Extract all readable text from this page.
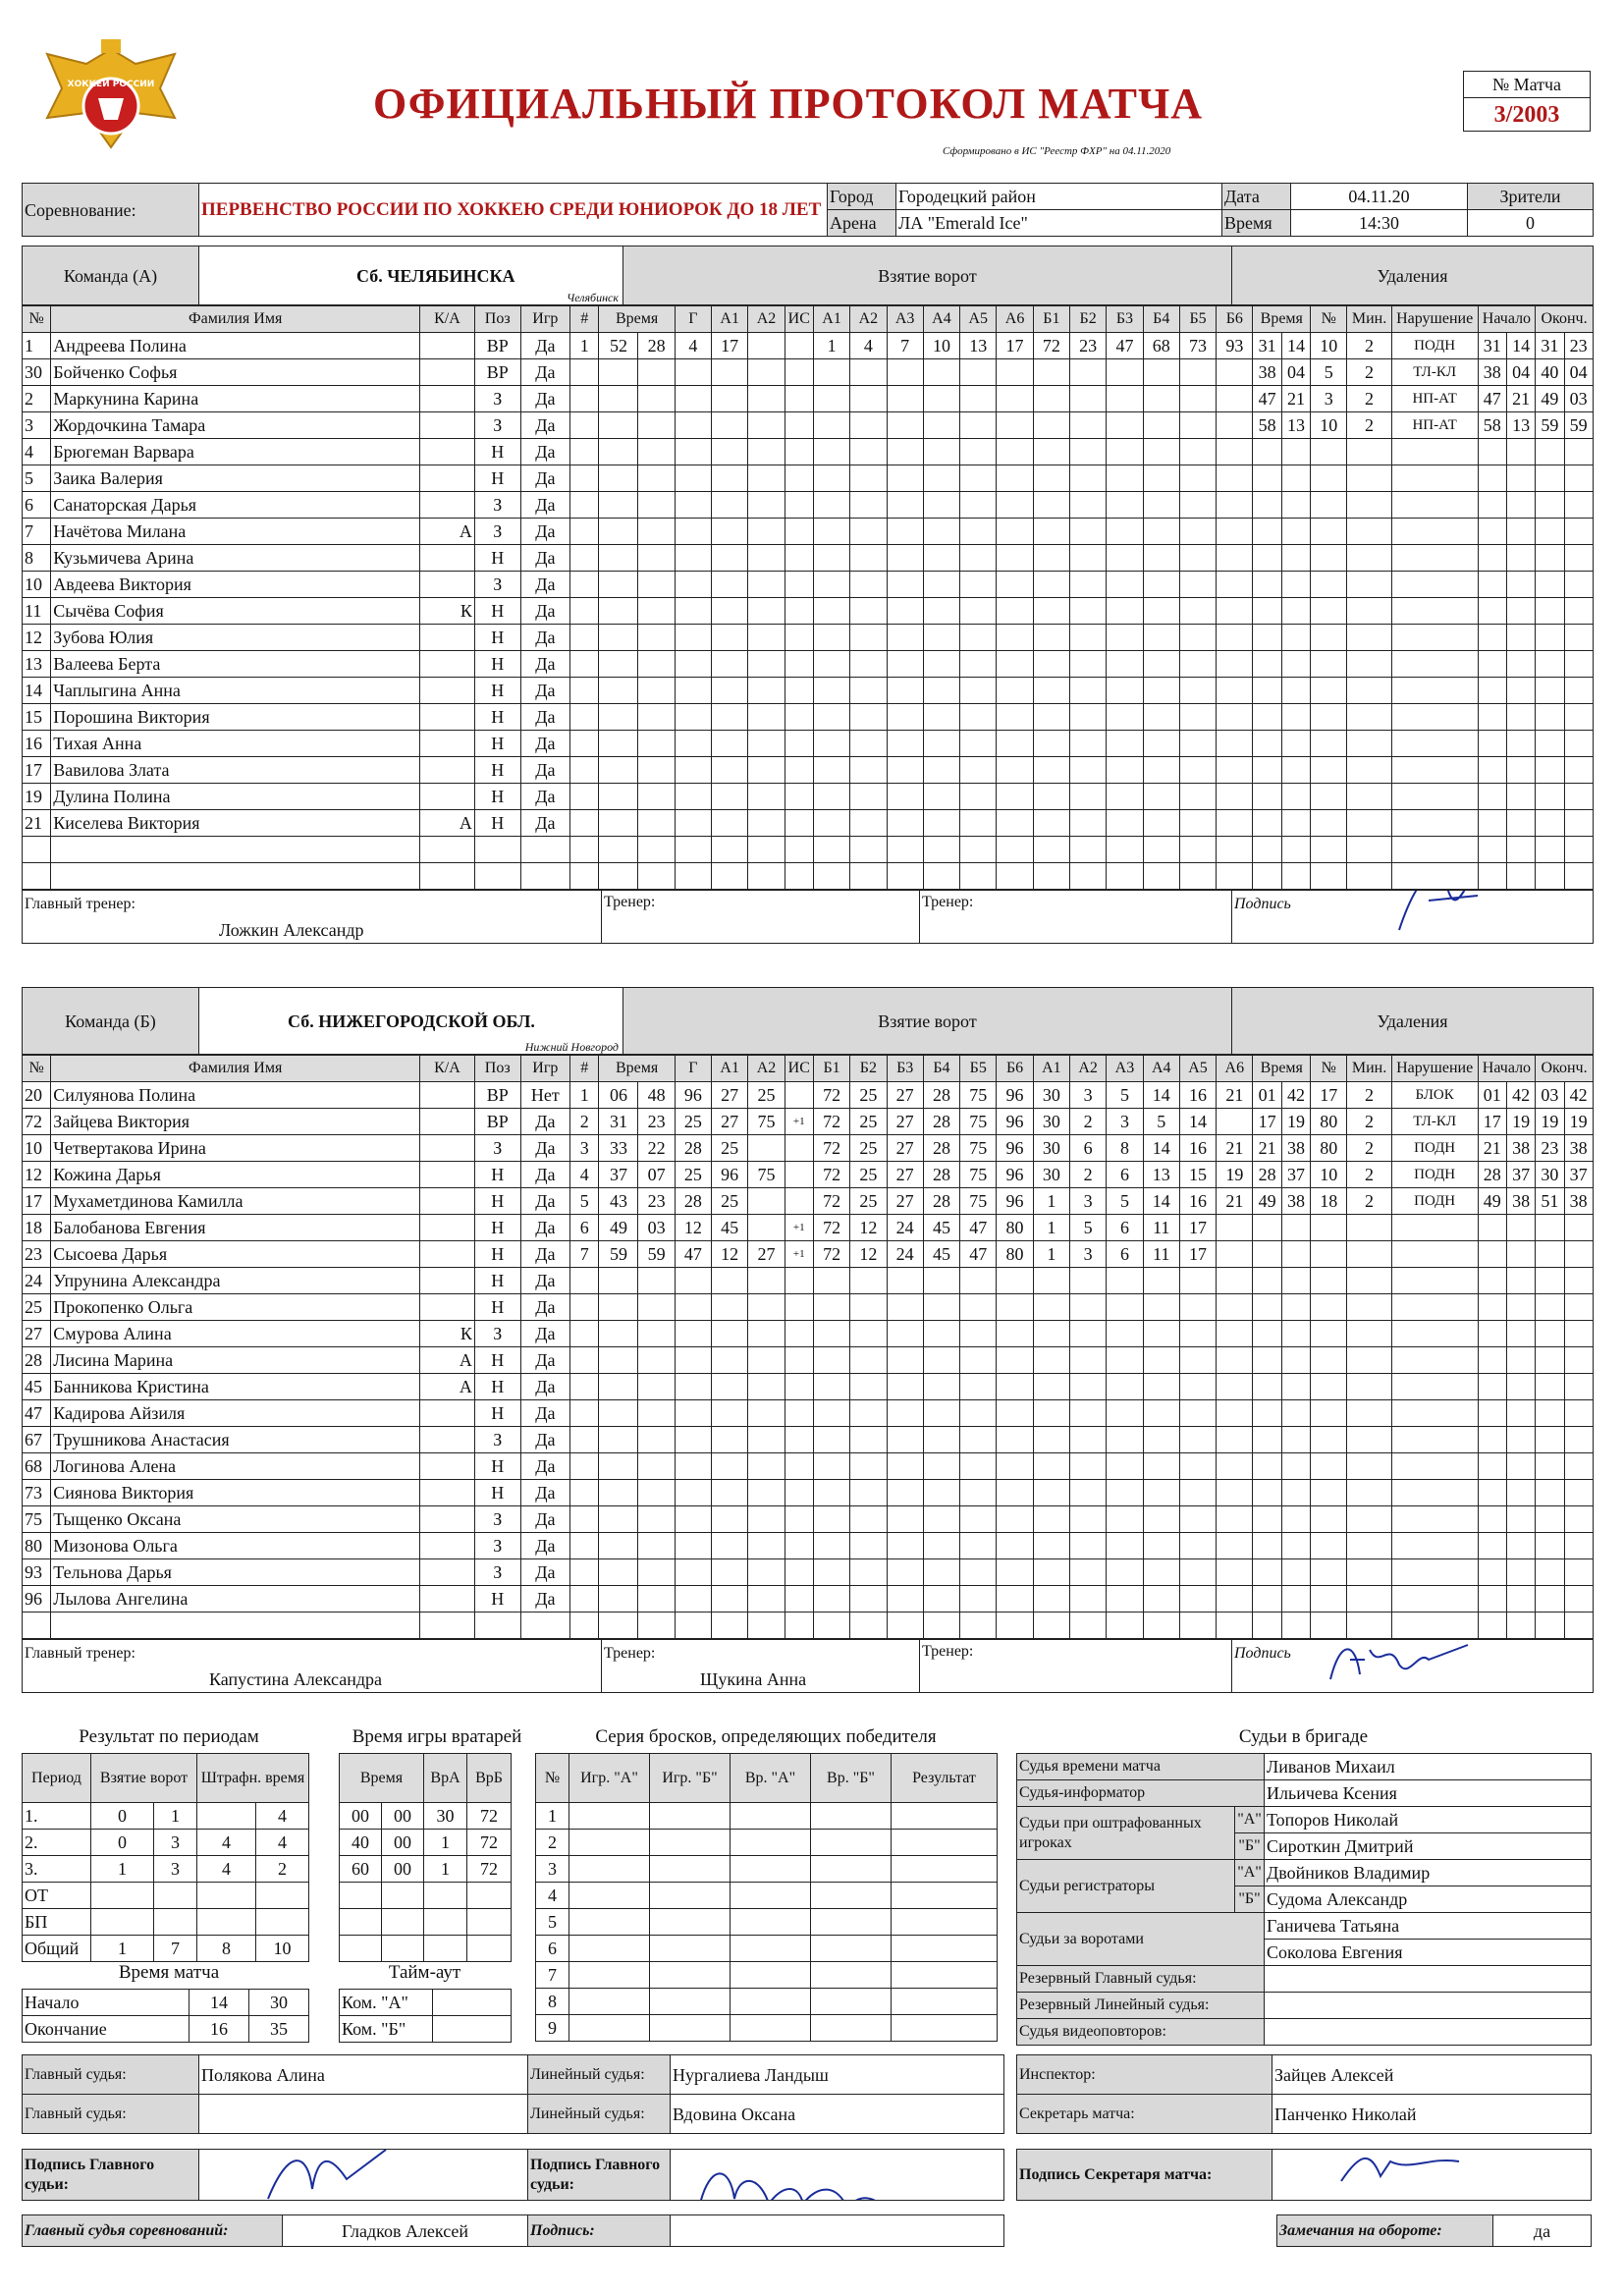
ХОККЕЙ РОССИИ	ОФИЦИАЛЬНЫЙ ПРОТОКОЛ МАТЧА
Сформировано в ИС "Реестр ФХР" на 04.11.2020
№ Матча
3/2003
Соревнование:	ПЕРВЕНСТВО РОССИИ ПО ХОККЕЮ СРЕДИ ЮНИОРОК ДО 18 ЛЕТ	Город	Городецкий район	Дата	04.11.20	Зрители
		Арена	ЛА "Emerald Ice"	Время	14:30	0
Команда (А)	Сб. ЧЕЛЯБИНСКА
Челябинск
	Взятие ворот	Удаления
№	Фамилия Имя	К/А	Поз	Игр	#	Время		Г	А1	А2	ИС	А1	А2	А3	А4	А5	А6	Б1	Б2	Б3	Б4	Б5	Б6	Время		№	Мин.	Нарушение	Начало		Оконч.	
1	Андреева Полина		ВР	Да	1	52	28	4	17			1	4	7	10	13	17	72	23	47	68	73	93	31	14	10	2	ПОДН	31	14	31	23
30	Бойченко Софья		ВР	Да																				38	04	5	2	ТЛ-КЛ	38	04	40	04
2	Маркунина Карина		З	Да																				47	21	3	2	НП-АТ	47	21	49	03
3	Жордочкина Тамара		З	Да																				58	13	10	2	НП-АТ	58	13	59	59
4	Брюгеман Варвара		Н	Да																												
5	Заика Валерия		Н	Да																												
6	Санаторская Дарья		З	Да																												
7	Начётова Милана	А	З	Да																												
8	Кузьмичева Арина		Н	Да																												
10	Авдеева Виктория		З	Да																												
11	Сычёва София	К	Н	Да																												
12	Зубова Юлия		Н	Да																												
13	Валеева Берта		Н	Да																												
14	Чаплыгина Анна		Н	Да																												
15	Порошина Виктория		Н	Да																												
16	Тихая Анна		Н	Да																												
17	Вавилова Злата		Н	Да																												
19	Дулина Полина		Н	Да																												
21	Киселева Виктория	А	Н	Да																												

Главный тренер:
Ложкин Александр
	Тренер:	Тренер:	Подпись
Команда (Б)	Сб. НИЖЕГОРОДСКОЙ ОБЛ.
Нижний Новгород
	Взятие ворот	Удаления
№	Фамилия Имя	К/А	Поз	Игр	#	Время		Г	А1	А2	ИС	Б1	Б2	Б3	Б4	Б5	Б6	А1	А2	А3	А4	А5	А6	Время		№	Мин.	Нарушение	Начало		Оконч.	
20	Силуянова Полина		ВР	Нет	1	06	48	96	27	25		72	25	27	28	75	96	30	3	5	14	16	21	01	42	17	2	БЛОК	01	42	03	42
72	Зайцева Виктория		ВР	Да	2	31	23	25	27	75	+1	72	25	27	28	75	96	30	2	3	5	14		17	19	80	2	ТЛ-КЛ	17	19	19	19
10	Четвертакова Ирина		З	Да	3	33	22	28	25			72	25	27	28	75	96	30	6	8	14	16	21	21	38	80	2	ПОДН	21	38	23	38
12	Кожина Дарья		Н	Да	4	37	07	25	96	75		72	25	27	28	75	96	30	2	6	13	15	19	28	37	10	2	ПОДН	28	37	30	37
17	Мухаметдинова Камилла		Н	Да	5	43	23	28	25			72	25	27	28	75	96	1	3	5	14	16	21	49	38	18	2	ПОДН	49	38	51	38
18	Балобанова Евгения		Н	Да	6	49	03	12	45		+1	72	12	24	45	47	80	1	5	6	11	17										
23	Сысоева Дарья		Н	Да	7	59	59	47	12	27	+1	72	12	24	45	47	80	1	3	6	11	17										
24	Упрунина Александра		Н	Да																												
25	Прокопенко Ольга		Н	Да																												
27	Смурова Алина	К	З	Да																												
28	Лисина Марина	А	Н	Да																												
45	Банникова Кристина	А	Н	Да																												
47	Кадирова Айзиля		Н	Да																												
67	Трушникова Анастасия		З	Да																												
68	Логинова Алена		Н	Да																												
73	Сиянова Виктория		Н	Да																												
75	Тыщенко Оксана		З	Да																												
80	Мизонова Ольга		З	Да																												
93	Тельнова Дарья		З	Да																												
96	Лылова Ангелина		Н	Да																												

Главный тренер:
Капустина Александра
	Тренер:
Щукина Анна
	Тренер:	Подпись
Результат по периодам
Период	Взятие ворот		Штрафн. время	
1.	0	1		4
2.	0	3	4	4
3.	1	3	4	2
ОТ				
БП				
Общий	1	7	8	10
Время игры вратарей
Время		ВрА	ВрБ
00	00	30	72
40	00	1	72
60	00	1	72

Время матча
Начало	14	30
Окончание	16	35
Тайм-аут
Ком. "А"	
Ком. "Б"	
Серия бросков, определяющих победителя
№	Игр. "А"	Игр. "Б"	Вр. "А"	Вр. "Б"	Результат
1					
2					
3					
4					
5					
6					
7					
8					
9					
Судьи в бригаде
Судья времени матча		Ливанов Михаил
Судья-информатор		Ильичева Ксения
Судьи при оштрафованных игроках	"А"	Топоров Николай
	"Б"	Сироткин Дмитрий
Судьи регистраторы	"А"	Двойников Владимир
	"Б"	Судома Александр
Судьи за воротами		Ганичева Татьяна
		Соколова Евгения
Резервный Главный судья:		
Резервный Линейный судья:		
Судья видеоповторов:		
Главный судья:	Полякова Алина	Линейный судья:	Нургалиева Ландыш
Главный судья:		Линейный судья:	Вдовина Оксана
Инспектор:	Зайцев Алексей
Секретарь матча:	Панченко Николай
Подпись Главного судьи:	
	Подпись Главного судьи:	
Подпись Секретаря матча:	
Главный судья соревнований:	Гладков Алексей	Подпись:		Замечания на обороте:	да
